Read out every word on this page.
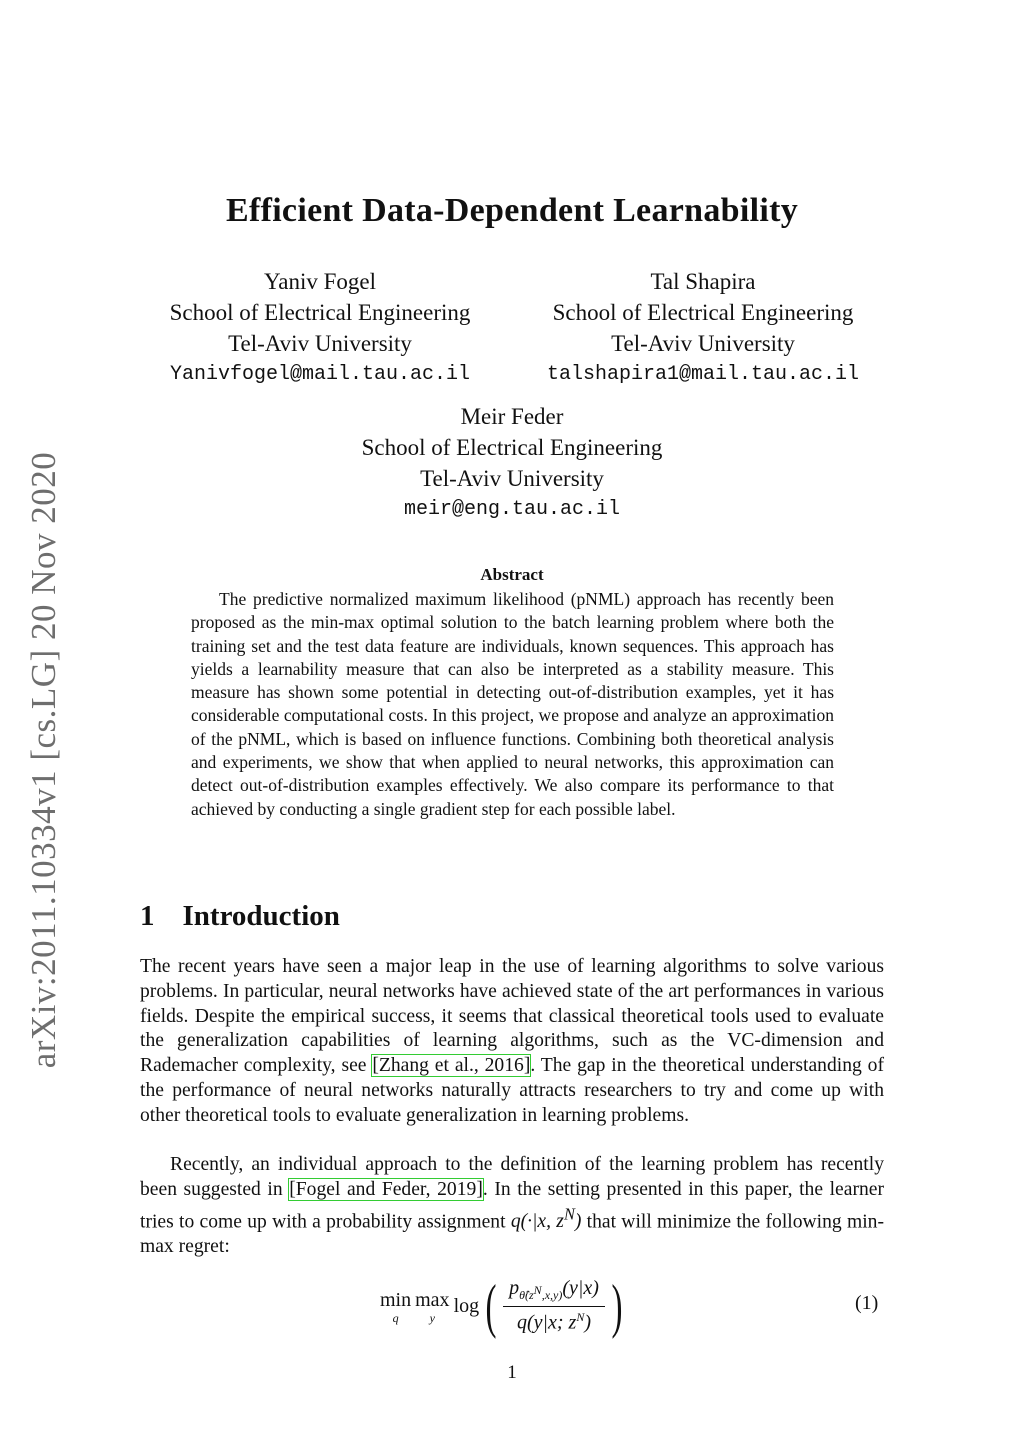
arXiv:2011.10334v1 [cs.LG] 20 Nov 2020
Efficient Data-Dependent Learnability
Yaniv Fogel
School of Electrical Engineering
Tel-Aviv University
Yanivfogel@mail.tau.ac.il
Tal Shapira
School of Electrical Engineering
Tel-Aviv University
talshapira1@mail.tau.ac.il
Meir Feder
School of Electrical Engineering
Tel-Aviv University
meir@eng.tau.ac.il
Abstract
The predictive normalized maximum likelihood (pNML) approach has recently been proposed as the min-max optimal solution to the batch learning problem where both the training set and the test data feature are individuals, known sequences. This approach has yields a learnability measure that can also be interpreted as a stability measure. This measure has shown some potential in detecting out-of-distribution examples, yet it has considerable computational costs. In this project, we propose and analyze an approximation of the pNML, which is based on influence functions. Combining both theoretical analysis and experiments, we show that when applied to neural networks, this approximation can detect out-of-distribution examples effectively. We also compare its performance to that achieved by conducting a single gradient step for each possible label.
1 Introduction
The recent years have seen a major leap in the use of learning algorithms to solve various problems. In particular, neural networks have achieved state of the art performances in various fields. Despite the empirical success, it seems that classical theoretical tools used to evaluate the generalization capabilities of learning algorithms, such as the VC-dimension and Rademacher complexity, see [Zhang et al., 2016]. The gap in the theoretical understanding of the performance of neural networks naturally attracts researchers to try and come up with other theoretical tools to evaluate generalization in learning problems.
Recently, an individual approach to the definition of the learning problem has recently been suggested in [Fogel and Feder, 2019]. In the setting presented in this paper, the learner tries to come up with a probability assignment q(·|x, $z^N$) that will minimize the following min-max regret:
min
q
max
y
log ( $\frac{p_{\thetâ(z^N,x,y)}(y|x)}{q(y|x; z^N)}$ )	(1)
1
